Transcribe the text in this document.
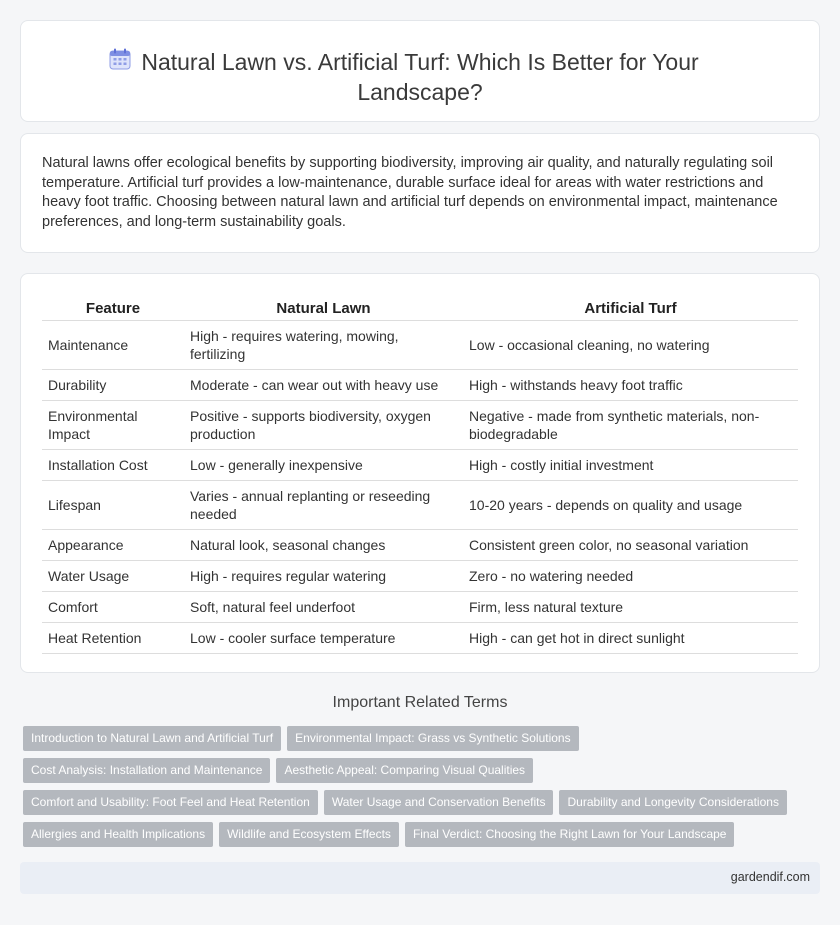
Natural Lawn vs. Artificial Turf: Which Is Better for Your Landscape?

Natural lawns offer ecological benefits by supporting biodiversity, improving air quality, and naturally regulating soil temperature. Artificial turf provides a low-maintenance, durable surface ideal for areas with water restrictions and heavy foot traffic. Choosing between natural lawn and artificial turf depends on environmental impact, maintenance preferences, and long-term sustainability goals.

Feature	Natural Lawn	Artificial Turf
Maintenance	High - requires watering, mowing, fertilizing	Low - occasional cleaning, no watering
Durability	Moderate - can wear out with heavy use	High - withstands heavy foot traffic
Environmental Impact	Positive - supports biodiversity, oxygen production	Negative - made from synthetic materials, non-biodegradable
Installation Cost	Low - generally inexpensive	High - costly initial investment
Lifespan	Varies - annual replanting or reseeding needed	10-20 years - depends on quality and usage
Appearance	Natural look, seasonal changes	Consistent green color, no seasonal variation
Water Usage	High - requires regular watering	Zero - no watering needed
Comfort	Soft, natural feel underfoot	Firm, less natural texture
Heat Retention	Low - cooler surface temperature	High - can get hot in direct sunlight
Important Related Terms
Introduction to Natural Lawn and Artificial Turf	Environmental Impact: Grass vs Synthetic Solutions
Cost Analysis: Installation and Maintenance	Aesthetic Appeal: Comparing Visual Qualities
Comfort and Usability: Foot Feel and Heat Retention	Water Usage and Conservation Benefits	Durability and Longevity Considerations
Allergies and Health Implications	Wildlife and Ecosystem Effects	Final Verdict: Choosing the Right Lawn for Your Landscape
gardendif.com
